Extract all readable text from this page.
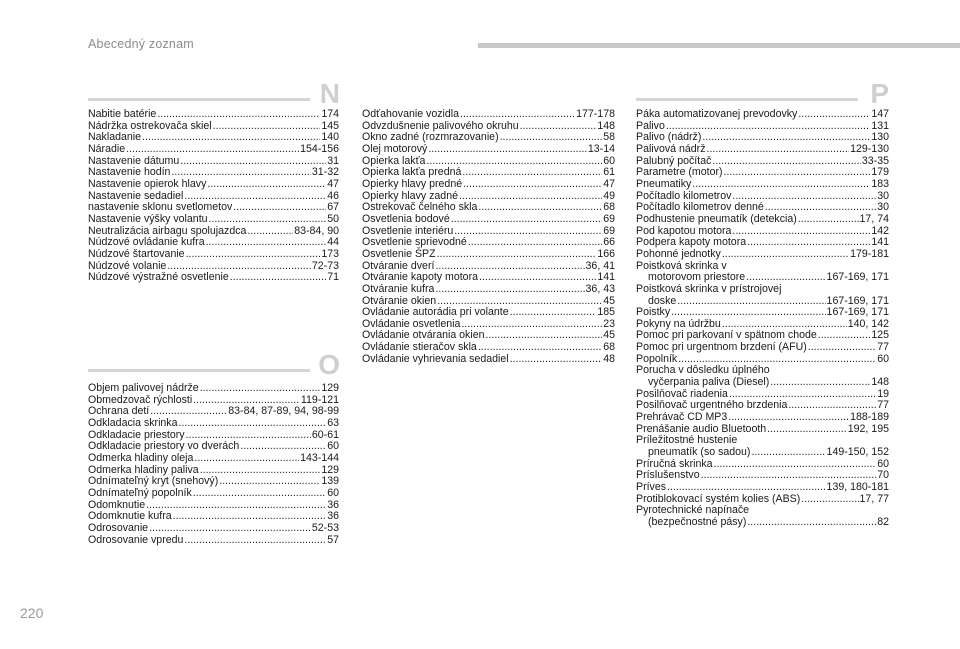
Abecedný zoznam
N
Nabitie batérie .....	174
Nádržka ostrekovača skiel .....	145
Nakladanie .....	140
Náradie .....	154-156
Nastavenie dátumu .....	31
Nastavenie hodín .....	31-32
Nastavenie opierok hlavy .....	47
Nastavenie sedadiel .....	46
nastavenie sklonu svetlometov .....	67
Nastavenie výšky volantu .....	50
Neutralizácia airbagu spolujazdca .....	83-84, 90
Núdzové ovládanie kufra .....	44
Núdzové štartovanie .....	173
Núdzové volanie .....	72-73
Núdzové výstražné osvetlenie .....	71
O
Objem palivovej nádrže .....	129
Obmedzovač rýchlosti .....	119-121
Ochrana detí .....	83-84, 87-89, 94, 98-99
Odkladacia skrinka .....	63
Odkladacie priestory .....	60-61
Odkladacie priestory vo dverách .....	60
Odmerka hladiny oleja .....	143-144
Odmerka hladiny paliva .....	129
Odnímateľný kryt (snehový) .....	139
Odnímateľný popolník .....	60
Odomknutie .....	36
Odomknutie kufra .....	36
Odrosovanie .....	52-53
Odrosovanie vpredu .....	57
Odťahovanie vozidla .....	177-178
Odvzdušnenie palivového okruhu .....	148
Okno zadné (rozmrazovanie) .....	58
Olej motorový .....	13-14
Opierka lakťa .....	60
Opierka lakťa predná .....	61
Opierky hlavy predné .....	47
Opierky hlavy zadné .....	49
Ostrekovač čelného skla .....	68
Osvetlenia bodové .....	69
Osvetlenie interiéru .....	69
Osvetlenie sprievodné .....	66
Osvetlenie ŠPZ .....	166
Otváranie dverí .....	36, 41
Otváranie kapoty motora .....	141
Otváranie kufra .....	36, 43
Otváranie okien .....	45
Ovládanie autorádia pri volante .....	185
Ovládanie osvetlenia .....	23
Ovládanie otvárania okien .....	45
Ovládanie stieračov skla .....	68
Ovládanie vyhrievania sedadiel .....	48
P
Páka automatizovanej prevodovky .....	147
Palivo .....	131
Palivo (nádrž) .....	130
Palivová nádrž .....	129-130
Palubný počítač .....	33-35
Parametre (motor) .....	179
Pneumatiky .....	183
Počítadlo kilometrov .....	30
Počítadlo kilometrov denné .....	30
Podhustenie pneumatík (detekcia) .....	17, 74
Pod kapotou motora .....	142
Podpera kapoty motora .....	141
Pohonné jednotky .....	179-181
Poistková skrinka v
motorovom priestore .....	167-169, 171
Poistková skrinka v prístrojovej
doske .....	167-169, 171
Poistky .....	167-169, 171
Pokyny na údržbu .....	140, 142
Pomoc pri parkovaní v spätnom chode .....	125
Pomoc pri urgentnom brzdení (AFU) .....	77
Popolník .....	60
Porucha v dôsledku úplného
vyčerpania paliva (Diesel) .....	148
Posilňovač riadenia .....	19
Posilňovač urgentného brzdenia .....	77
Prehrávač CD MP3 .....	188-189
Prenášanie audio Bluetooth .....	192, 195
Príležitostné hustenie
pneumatík (so sadou) .....	149-150, 152
Príručná skrinka .....	60
Príslušenstvo .....	70
Príves .....	139, 180-181
Protiblokovací systém kolies (ABS) .....	17, 77
Pyrotechnické napínače
(bezpečnostné pásy) .....	82
220
